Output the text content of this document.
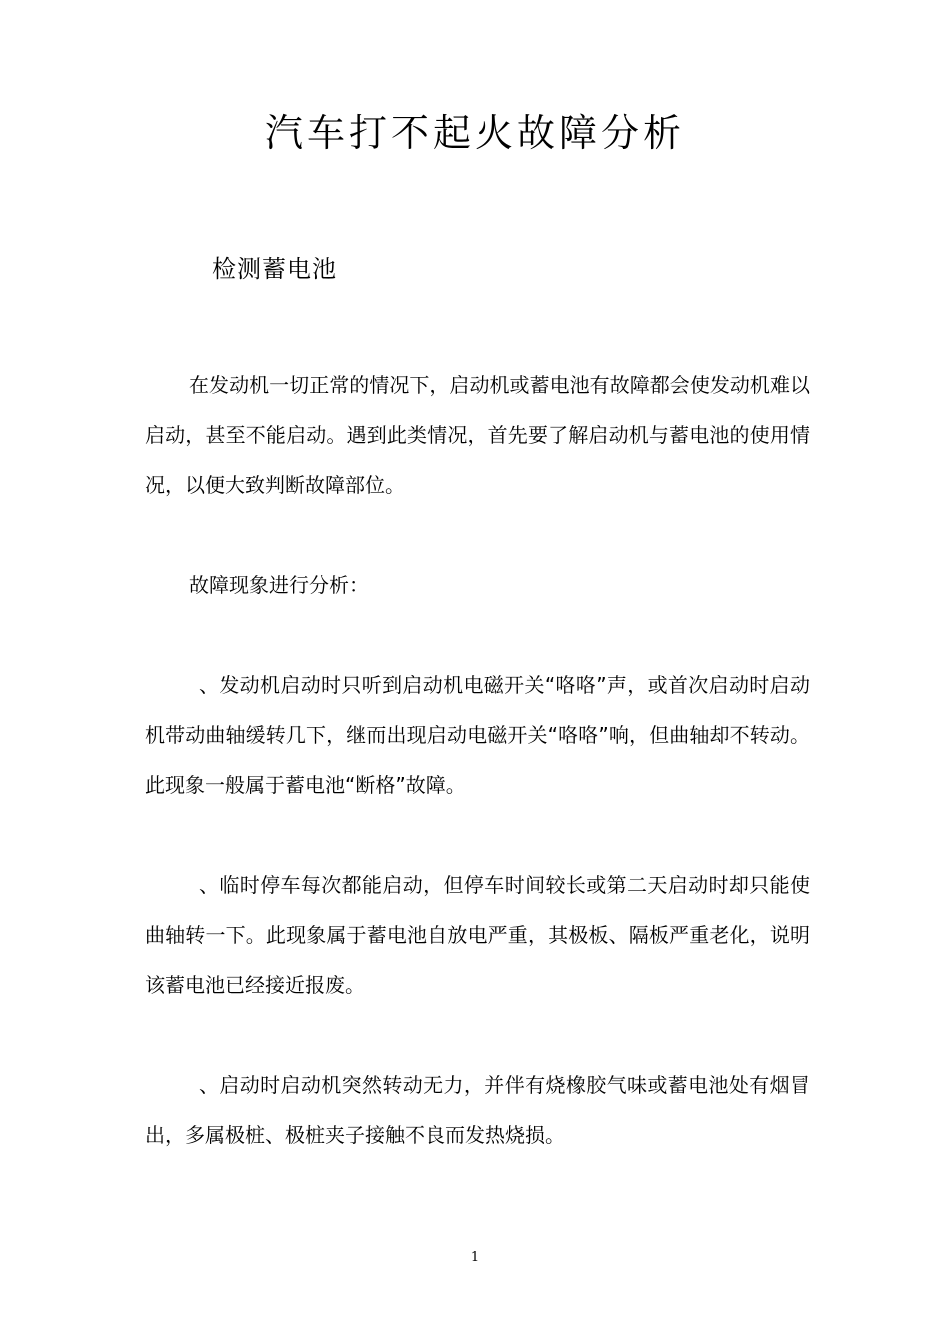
汽车打不起火故障分析
检测蓄电池

在发动机一切正常的情况下，启动机或蓄电池有故障都会使发动机难以启动，甚至不能启动。遇到此类情况，首先要了解启动机与蓄电池的使用情况，以便大致判断故障部位。

故障现象进行分析：

、发动机启动时只听到启动机电磁开关“咯咯”声，或首次启动时启动机带动曲轴缓转几下，继而出现启动电磁开关“咯咯”响，但曲轴却不转动。此现象一般属于蓄电池“断格”故障。

、临时停车每次都能启动，但停车时间较长或第二天启动时却只能使曲轴转一下。此现象属于蓄电池自放电严重，其极板、隔板严重老化，说明该蓄电池已经接近报废。

、启动时启动机突然转动无力，并伴有烧橡胶气味或蓄电池处有烟冒出，多属极桩、极桩夹子接触不良而发热烧损。

1
